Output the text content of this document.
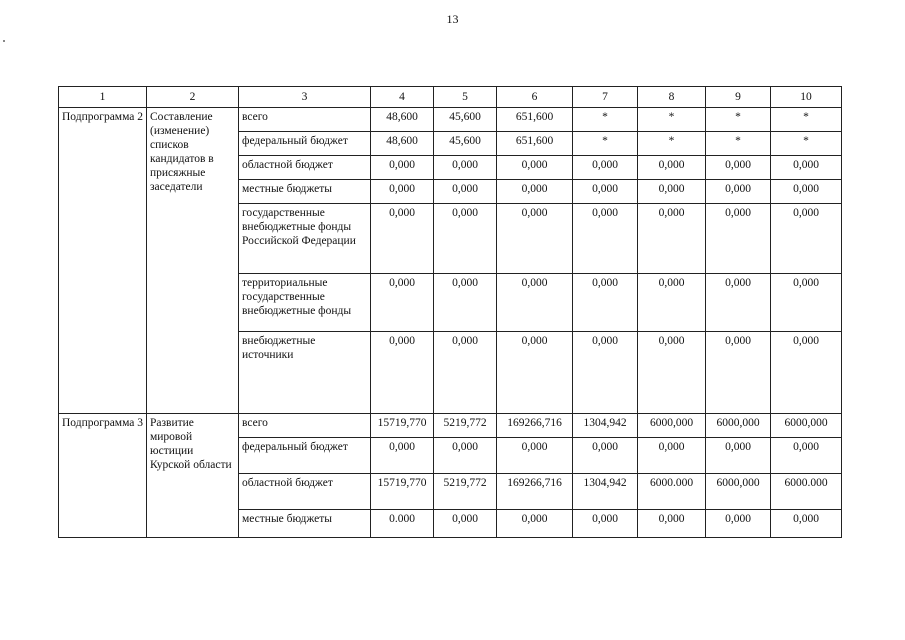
13
1	2	3	4	5	6	7	8	9	10
Подпрограмма 2	Составление (изменение) списков кандидатов в присяжные заседатели	всего	48,600	45,600	651,600	*	*	*	*
		федеральный бюджет	48,600	45,600	651,600	*	*	*	*
		областной бюджет	0,000	0,000	0,000	0,000	0,000	0,000	0,000
		местные бюджеты	0,000	0,000	0,000	0,000	0,000	0,000	0,000
		государственные внебюджетные фонды Российской Федерации	0,000	0,000	0,000	0,000	0,000	0,000	0,000
		территориальные государственные внебюджетные фонды	0,000	0,000	0,000	0,000	0,000	0,000	0,000
		внебюджетные источники	0,000	0,000	0,000	0,000	0,000	0,000	0,000
Подпрограмма 3	Развитие мировой юстиции Курской области	всего	15719,770	5219,772	169266,716	1304,942	6000,000	6000,000	6000,000
		федеральный бюджет	0,000	0,000	0,000	0,000	0,000	0,000	0,000
		областной бюджет	15719,770	5219,772	169266,716	1304,942	6000.000	6000,000	6000.000
		местные бюджеты	0.000	0,000	0,000	0,000	0,000	0,000	0,000
